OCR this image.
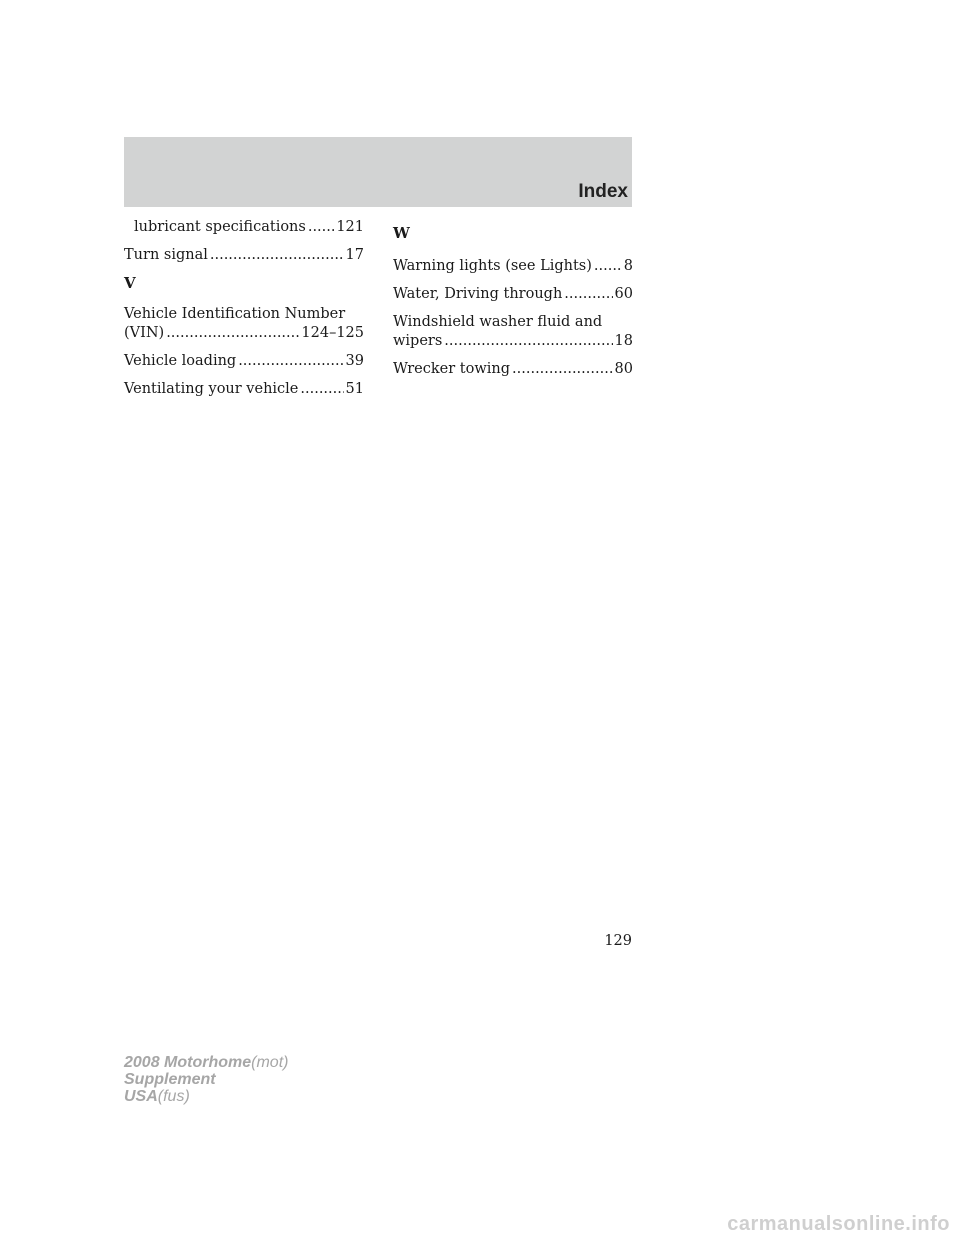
Index
lubricant specifications ..... 121
Turn signal .....	17
V
Vehicle Identification Number
(VIN) .....	124–125
Vehicle loading .....	39
Ventilating your vehicle .....	51
W
Warning lights (see Lights) ..... 8
Water, Driving through .....	60
Windshield washer fluid and
wipers .....	18
Wrecker towing .....	80
129
2008 Motorhome(mot)
Supplement
USA(fus)
carmanualsonline.info
